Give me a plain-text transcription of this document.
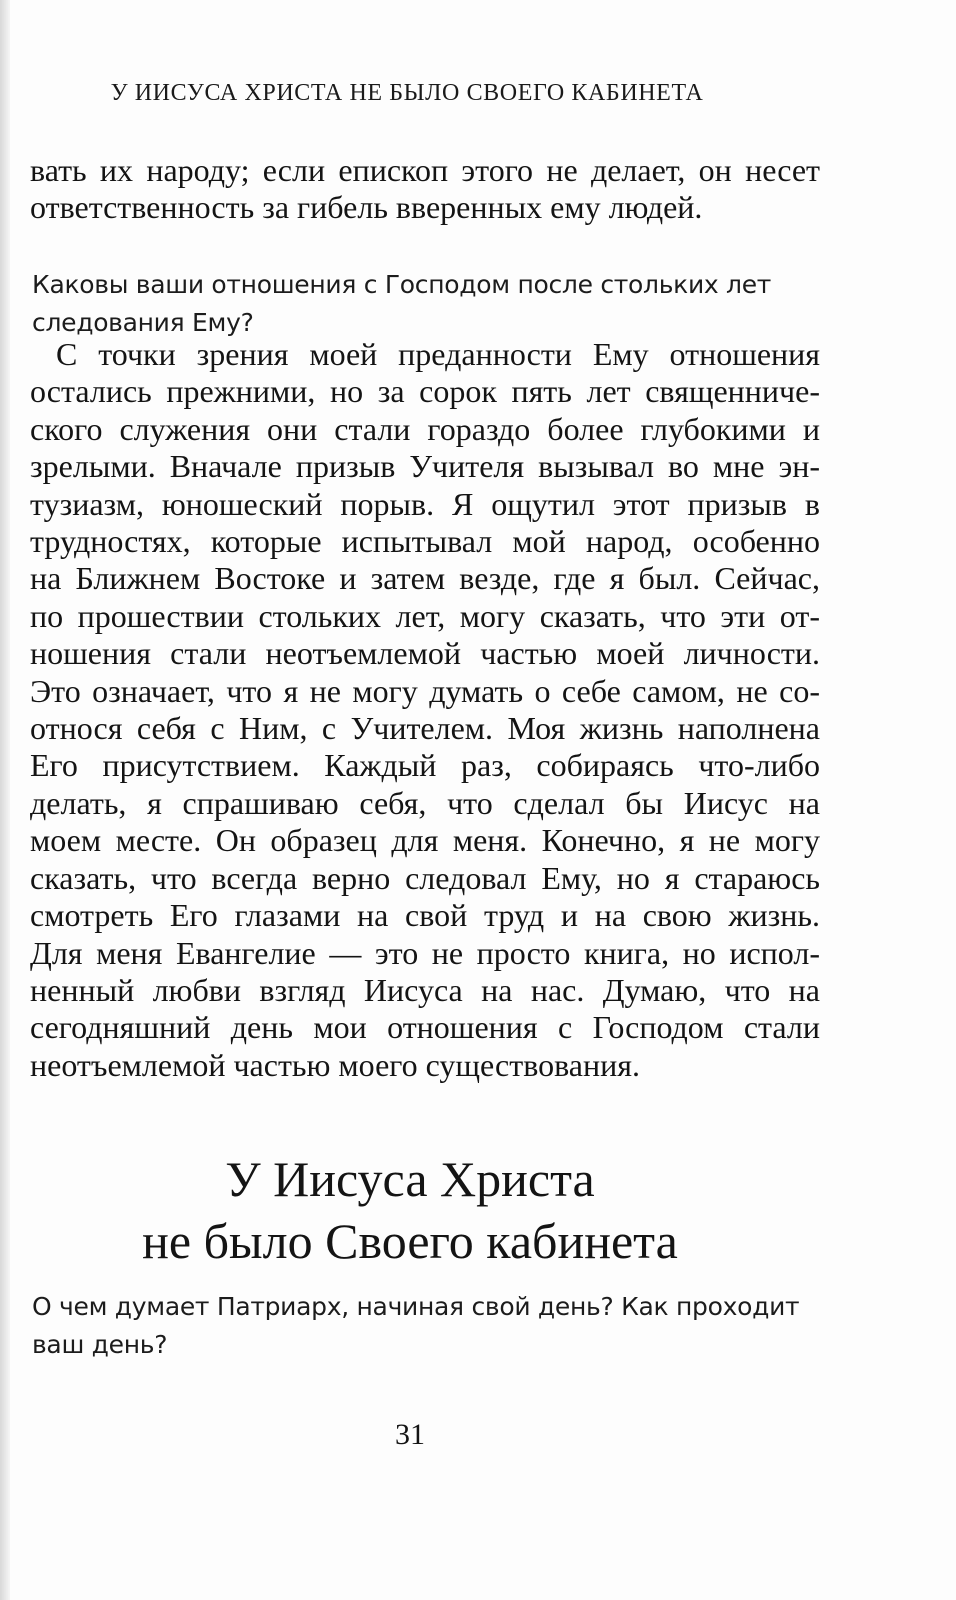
У ИИСУСА ХРИСТА НЕ БЫЛО СВОЕГО КАБИНЕТА
вать их народу; если епископ этого не делает, он несет
ответственность за гибель вверенных ему людей.
Каковы ваши отношения с Господом после стольких лет
следования Ему?
С точки зрения моей преданности Ему отношения
остались прежними, но за сорок пять лет священниче-
ского служения они стали гораздо более глубокими и
зрелыми. Вначале призыв Учителя вызывал во мне эн-
тузиазм, юношеский порыв. Я ощутил этот призыв в
трудностях, которые испытывал мой народ, особенно
на Ближнем Востоке и затем везде, где я был. Сейчас,
по прошествии стольких лет, могу сказать, что эти от-
ношения стали неотъемлемой частью моей личности.
Это означает, что я не могу думать о себе самом, не со-
относя себя с Ним, с Учителем. Моя жизнь наполнена
Его присутствием. Каждый раз, собираясь что-либо
делать, я спрашиваю себя, что сделал бы Иисус на
моем месте. Он образец для меня. Конечно, я не могу
сказать, что всегда верно следовал Ему, но я стараюсь
смотреть Его глазами на свой труд и на свою жизнь.
Для меня Евангелие — это не просто книга, но испол-
ненный любви взгляд Иисуса на нас. Думаю, что на
сегодняшний день мои отношения с Господом стали
неотъемлемой частью моего существования.
У Иисуса Христа
не было Своего кабинета
О чем думает Патриарх, начиная свой день? Как проходит
ваш день?
31
